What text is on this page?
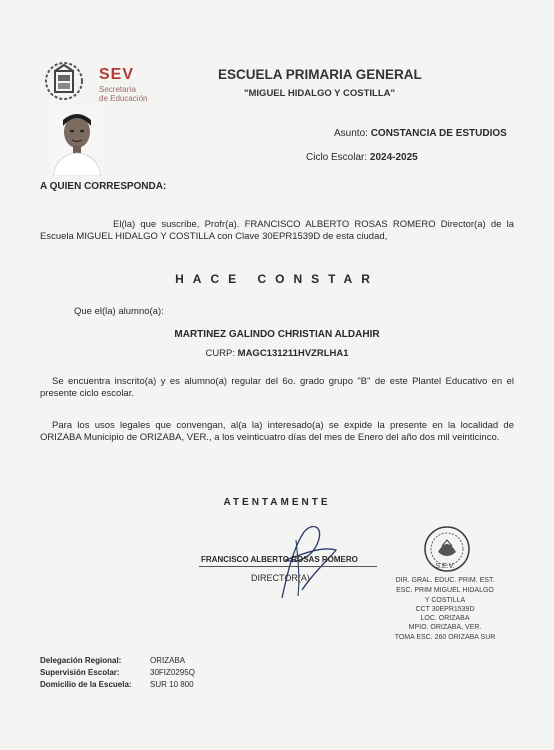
SEV
Secretaría
de Educación
ESCUELA PRIMARIA GENERAL
"MIGUEL HIDALGO Y COSTILLA"
Asunto: CONSTANCIA DE ESTUDIOS
Ciclo Escolar: 2024-2025
A QUIEN CORRESPONDA:
El(la) que suscribe, Profr(a). FRANCISCO ALBERTO ROSAS ROMERO Director(a) de la Escuela MIGUEL HIDALGO Y COSTILLA con Clave 30EPR1539D de esta ciudad,
HACE CONSTAR
Que el(la) alumno(a):
MARTINEZ GALINDO CHRISTIAN ALDAHIR
CURP: MAGC131211HVZRLHA1
Se encuentra inscrito(a) y es alumno(a) regular del 6o. grado grupo "B" de este Plantel Educativo en el presente ciclo escolar.
Para los usos legales que convengan, al(a la) interesado(a) se expide la presente en la localidad de ORIZABA Municipio de ORIZABA, VER., a los veinticuatro días del mes de Enero del año dos mil veinticinco.
ATENTAMENTE
FRANCISCO ALBERTO ROSAS ROMERO
DIRECTOR(A)
S.E.V.
DIR. GRAL. EDUC. PRIM. EST.
ESC. PRIM MIGUEL HIDALGO
Y COSTILLA
CCT 30EPR1539D
LOC. ORIZABA
MPIO. ORIZABA, VER.
TOMA ESC. 260 ORIZABA SUR
Delegación Regional:	ORIZABA
Supervisión Escolar:	30FIZ0295Q
Domicilio de la Escuela: SUR 10 800
